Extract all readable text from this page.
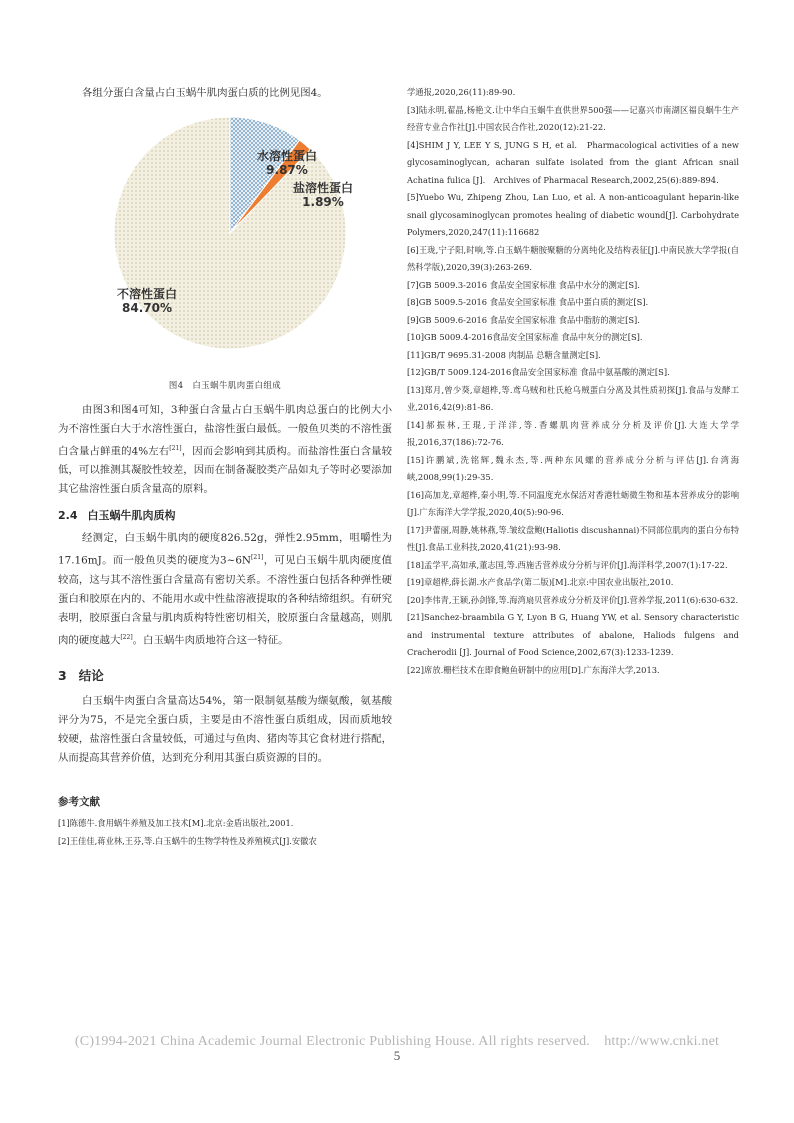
各组分蛋白含量占白玉蜗牛肌肉蛋白质的比例见图4。

水溶性蛋白
9.87%
盐溶性蛋白
1.89%
不溶性蛋白
84.70%
图4　白玉蜗牛肌肉蛋白组成

由图3和图4可知，3种蛋白含量占白玉蜗牛肌肉总蛋白的比例大小为不溶性蛋白大于水溶性蛋白，盐溶性蛋白最低。一般鱼贝类的不溶性蛋白含量占鲜重的4%左右[21]，因而会影响到其质构。而盐溶性蛋白含量较低，可以推测其凝胶性较差，因而在制备凝胶类产品如丸子等时必要添加其它盐溶性蛋白质含量高的原料。

2.4 白玉蜗牛肌肉质构

经测定，白玉蜗牛肌肉的硬度826.52g，弹性2.95mm，咀嚼性为17.16mJ。而一般鱼贝类的硬度为3~6N[21]，可见白玉蜗牛肌肉硬度值较高，这与其不溶性蛋白含量高有密切关系。不溶性蛋白包括各种弹性硬蛋白和胶原在内的、不能用水或中性盐溶液提取的各种结缔组织。有研究表明，胶原蛋白含量与肌肉质构特性密切相关，胶原蛋白含量越高，则肌肉的硬度越大[22]。白玉蜗牛肉质地符合这一特征。

3 结论

白玉蜗牛肉蛋白含量高达54%，第一限制氨基酸为缬氨酸，氨基酸评分为75，不是完全蛋白质，主要是由不溶性蛋白质组成，因而质地较较硬，盐溶性蛋白含量较低，可通过与鱼肉、猪肉等其它食材进行搭配，从而提高其营养价值，达到充分利用其蛋白质资源的目的。

参考文献

[1]陈德牛.食用蜗牛养殖及加工技术[M].北京:金盾出版社,2001.

[2]王佳佳,蒋业林,王芬,等.白玉蜗牛的生物学特性及养殖模式[J].安徽农

学通报,2020,26(11):89-90.

[3]陆永明,翟晶,杨艳文.让中华白玉蜗牛直供世界500强——记嘉兴市南湖区福良蜗牛生产经营专业合作社[J].中国农民合作社,2020(12):21-22.

[4]SHIM J Y, LEE Y S, JUNG S H, et al.　Pharmacological activities of a new glycosaminoglycan, acharan sulfate isolated from the giant African snail Achatina fulica [J].　Archives of Pharmacal Research,2002,25(6):889-894.

[5]Yuebo Wu, Zhipeng Zhou, Lan Luo, et al. A non-anticoagulant heparin-like snail glycosaminoglycan promotes healing of diabetic wound[J]. Carbohydrate Polymers,2020,247(11):116682

[6]王珑,宁子阳,时响,等.白玉蜗牛糖胺聚糖的分离纯化及结构表征[J].中南民族大学学报(自然科学版),2020,39(3):263-269.

[7]GB 5009.3-2016 食品安全国家标准 食品中水分的测定[S].

[8]GB 5009.5-2016 食品安全国家标准 食品中蛋白质的测定[S].

[9]GB 5009.6-2016 食品安全国家标准 食品中脂肪的测定[S].

[10]GB 5009.4-2016食品安全国家标准 食品中灰分的测定[S].

[11]GB/T 9695.31-2008 肉制品 总糖含量测定[S].

[12]GB/T 5009.124-2016食品安全国家标准 食品中氨基酸的测定[S].

[13]郑月,曾少葵,章超桦,等.鸢乌贼和杜氏枪乌贼蛋白分离及其性质初探[J].食品与发酵工业,2016,42(9):81-86.

[14]郝振林,王琨,于洋洋,等.香螺肌肉营养成分分析及评价[J].大连大学学报,2016,37(186):72-76.

[15]许鹏斌,洗铭辉,魏永杰,等.两种东风螺的营养成分分析与评估[J].台湾海峡,2008,99(1):29-35.

[16]高加龙,章超桦,秦小明,等.不同温度充水保活对香港牡蛎微生物和基本营养成分的影响[J].广东海洋大学学报,2020,40(5):90-96.

[17]尹蕾丽,周静,姚林燕,等.皱纹盘鲍(Haliotis discushannai)不同部位肌肉的蛋白分布特性[J].食品工业科技,2020,41(21):93-98.

[18]孟学平,高如承,董志国,等.西施舌营养成分分析与评价[J].海洋科学,2007(1):17-22.

[19]章超桦,薛长湖.水产食品学(第二版)[M].北京:中国农业出版社,2010.

[20]李伟青,王颖,孙剑锋,等.海湾扇贝营养成分分析及评价[J].营养学报,2011(6):630-632.

[21]Sanchez-braambila G Y, Lyon B G, Huang YW, et al. Sensory characteristic and instrumental texture attributes of abalone, Haliods fulgens and Cracherodii [J]. Journal of Food Science,2002,67(3):1233-1239.

[22]席放.栅栏技术在即食鲍鱼研制中的应用[D].广东海洋大学,2013.

(C)1994-2021 China Academic Journal Electronic Publishing House. All rights reserved.　http://www.cnki.net
5
